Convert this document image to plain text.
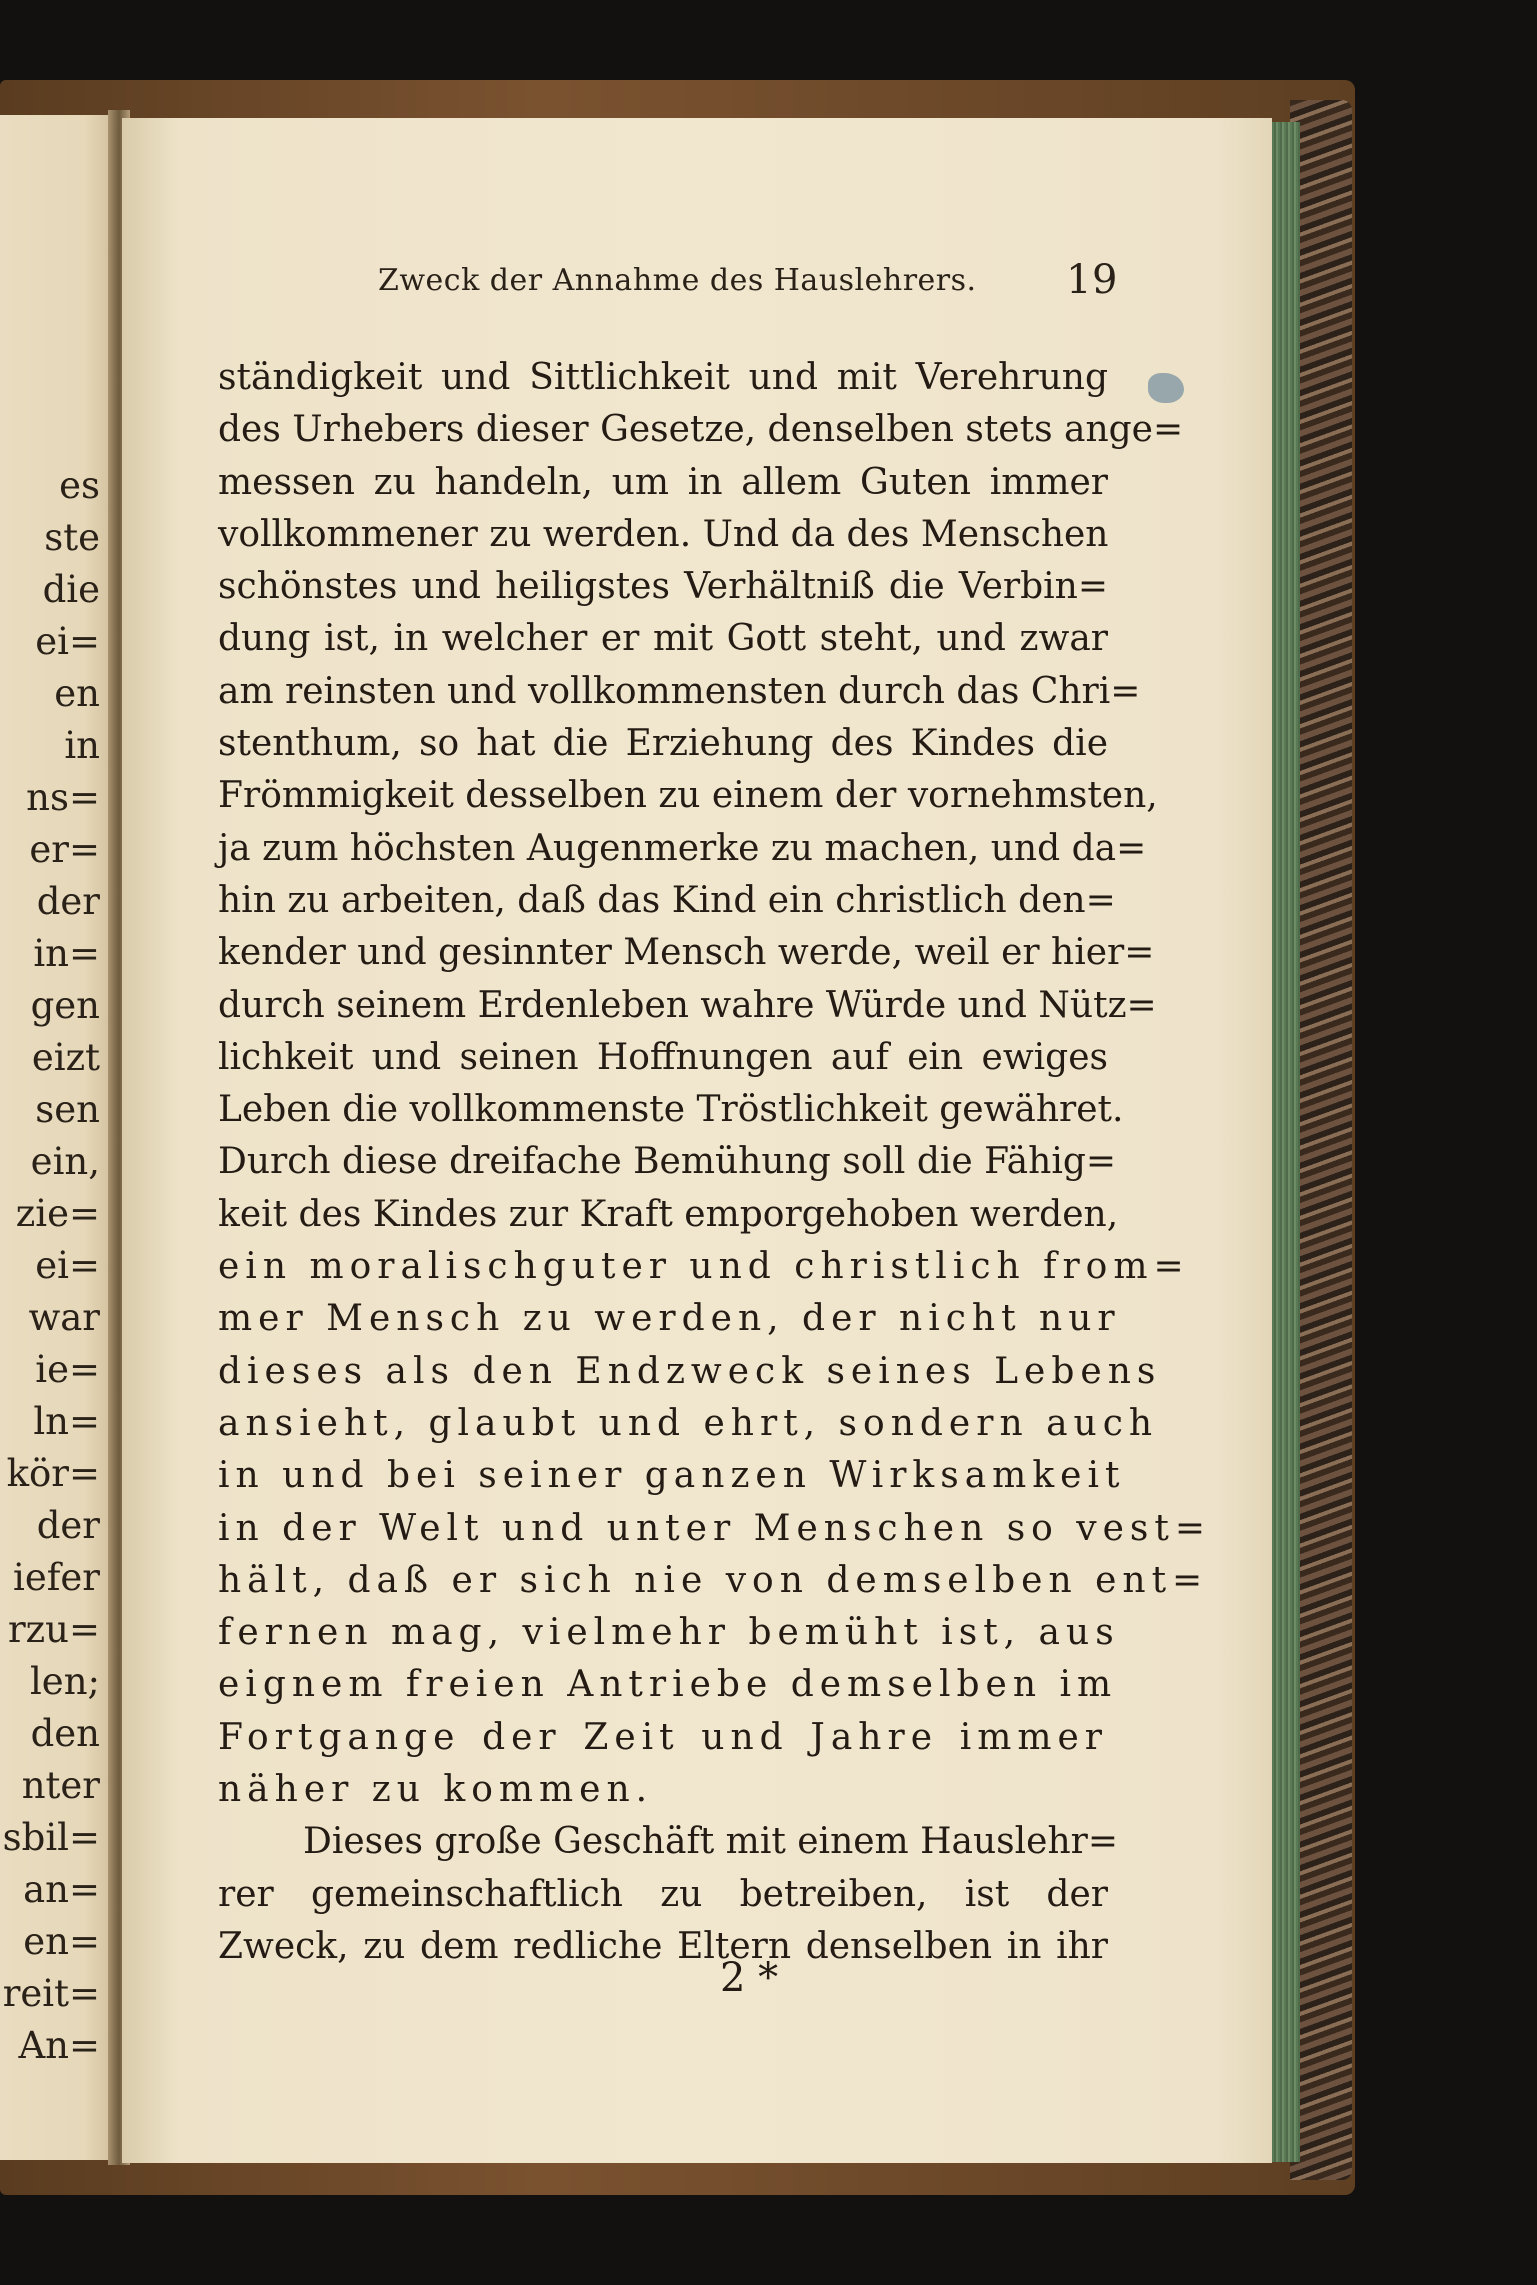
es
ste
die
ei=
en
in
ns=
er=
der
in=
gen
eizt
sen
ein,
zie=
ei=
war
ie=
ln=
kör=
der
iefer
rzu=
len;
den
nter
sbil=
an=
en=
reit=
An=
Zweck der Annahme des Hauslehrers. 19
ständigkeit und Sittlichkeit und mit Verehrung
des Urhebers dieser Gesetze, denselben stets ange=
messen zu handeln, um in allem Guten immer
vollkommener zu werden. Und da des Menschen
schönstes und heiligstes Verhältniß die Verbin=
dung ist, in welcher er mit Gott steht, und zwar
am reinsten und vollkommensten durch das Chri=
stenthum, so hat die Erziehung des Kindes die
Frömmigkeit desselben zu einem der vornehmsten,
ja zum höchsten Augenmerke zu machen, und da=
hin zu arbeiten, daß das Kind ein christlich den=
kender und gesinnter Mensch werde, weil er hier=
durch seinem Erdenleben wahre Würde und Nütz=
lichkeit und seinen Hoffnungen auf ein ewiges
Leben die vollkommenste Tröstlichkeit gewähret.
Durch diese dreifache Bemühung soll die Fähig=
keit des Kindes zur Kraft emporgehoben werden,
ein moralischguter und christlich from=
mer Mensch zu werden, der nicht nur
dieses als den Endzweck seines Lebens
ansieht, glaubt und ehrt, sondern auch
in und bei seiner ganzen Wirksamkeit
in der Welt und unter Menschen so vest=
hält, daß er sich nie von demselben ent=
fernen mag, vielmehr bemüht ist, aus
eignem freien Antriebe demselben im
Fortgange der Zeit und Jahre immer
näher zu kommen.
Dieses große Geschäft mit einem Hauslehr=
rer gemeinschaftlich zu betreiben, ist der
Zweck, zu dem redliche Eltern denselben in ihr
2 *
